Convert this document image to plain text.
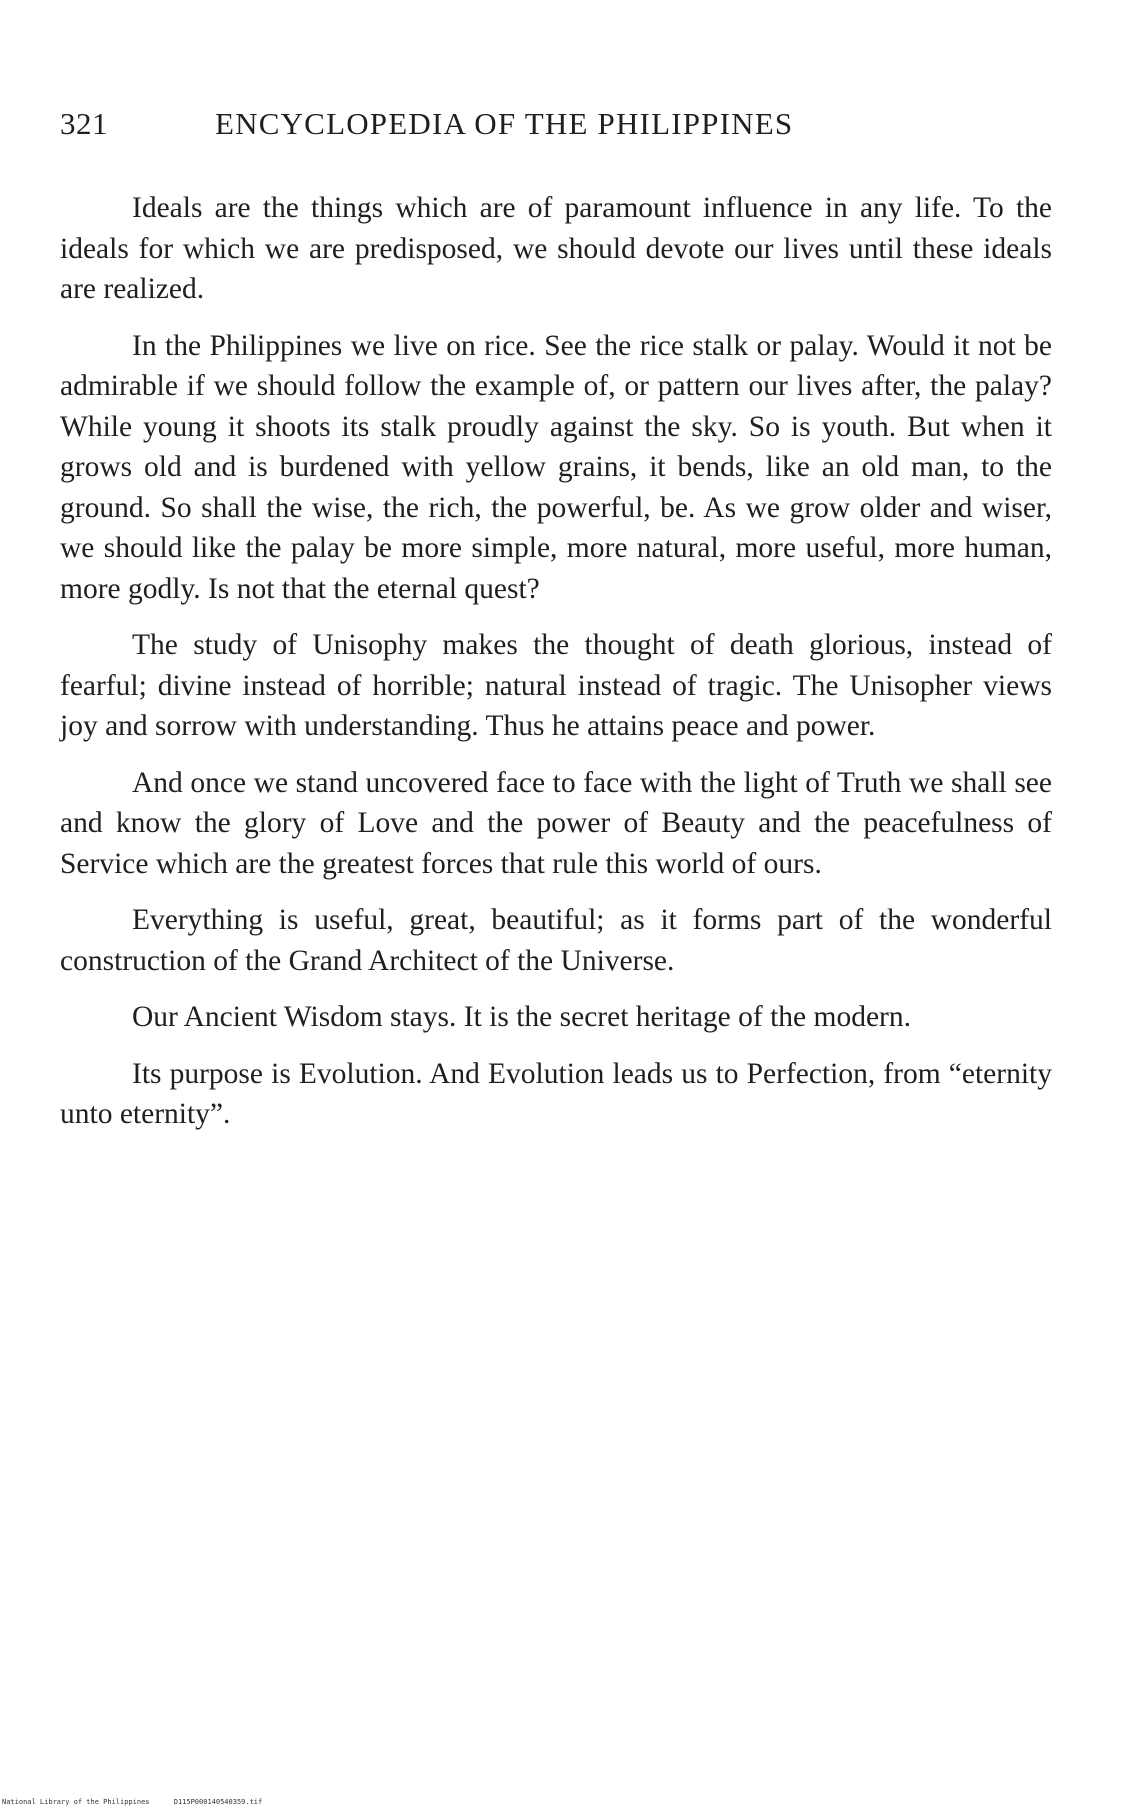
321	ENCYCLOPEDIA OF THE PHILIPPINES

Ideals are the things which are of paramount influence in any life. To the ideals for which we are predisposed, we should devote our lives until these ideals are realized.

In the Philippines we live on rice. See the rice stalk or palay. Would it not be admirable if we should follow the example of, or pattern our lives after, the palay? While young it shoots its stalk proudly against the sky. So is youth. But when it grows old and is burdened with yellow grains, it bends, like an old man, to the ground. So shall the wise, the rich, the powerful, be. As we grow older and wiser, we should like the palay be more simple, more natural, more useful, more human, more godly. Is not that the eternal quest?

The study of Unisophy makes the thought of death glorious, instead of fearful; divine instead of horrible; natural instead of tragic. The Unisopher views joy and sorrow with understanding. Thus he attains peace and power.

And once we stand uncovered face to face with the light of Truth we shall see and know the glory of Love and the power of Beauty and the peacefulness of Service which are the greatest forces that rule this world of ours.

Everything is useful, great, beautiful; as it forms part of the wonderful construction of the Grand Architect of the Universe.

Our Ancient Wisdom stays. It is the secret heritage of the modern.

Its purpose is Evolution. And Evolution leads us to Perfection, from “eternity unto eternity”.

National Library of the Philippines	D115P000140540359.tif
